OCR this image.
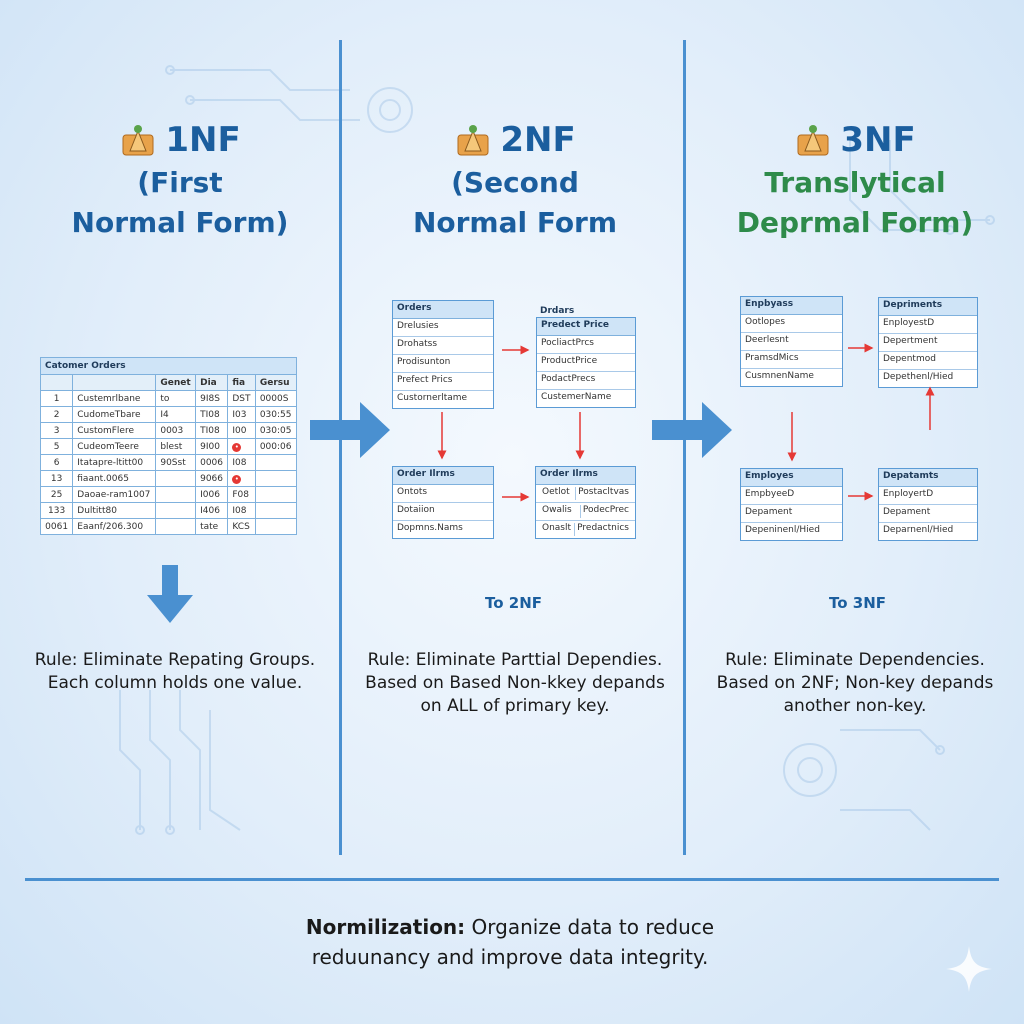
1NF
(First
Normal Form)
Catomer Orders					
		Genet	Dia	fia	Gersu
1	Custemrlbane	to	9I8S	DST	0000S
2	CudomeTbare	I4	TI08	I03	030:55
3	CustomFlere	0003	TI08	I00	030:05
5	CudeomTeere	blest	9I00	•	000:06
6	Itatapre-ltitt00	90Sst	0006	I08	
13	fiaant.0065		9066	•	
25	Daoae-ram1007		I006	F08	
133	Dultitt80		I406	I08	
0061	Eaanf/206.300		tate	KCS	
Rule: Eliminate Repating Groups.
Each column holds one value.
2NF
(Second
Normal Form
Orders
Drelusies
Drohatss
Prodisunton
Prefect Prics
Custornerltame
Drdars
Predect Price
PocliactPrcs
ProductPrice
PodactPrecs
CustemerName
Order Ilrms
Ontots
Dotaiion
Dopmns.Nams
Order Ilrms
Oetlot Postacltvas
Owalis	PodecPrec
Onaslt Predactnics
To 2NF
Rule: Eliminate Parttial Dependies.
Based on Based Non-kkey depands
on ALL of primary key.
3NF
Translytical
Deprmal Form)
Enpbyass
Ootlopes
Deerlesnt
PramsdMics
CusmnenName
Depriments
EnployestD
Depertment
Depentmod
Depethenl/Hied
Employes
EmpbyeeD
Depament
Depeninenl/Hied
Depatamts
EnployertD
Depament
Deparnenl/Hied
To 3NF
Rule: Eliminate Dependencies.
Based on 2NF; Non-key depands
another non-key.
Normilization: Organize data to reduce
reduunancy and improve data integrity.
